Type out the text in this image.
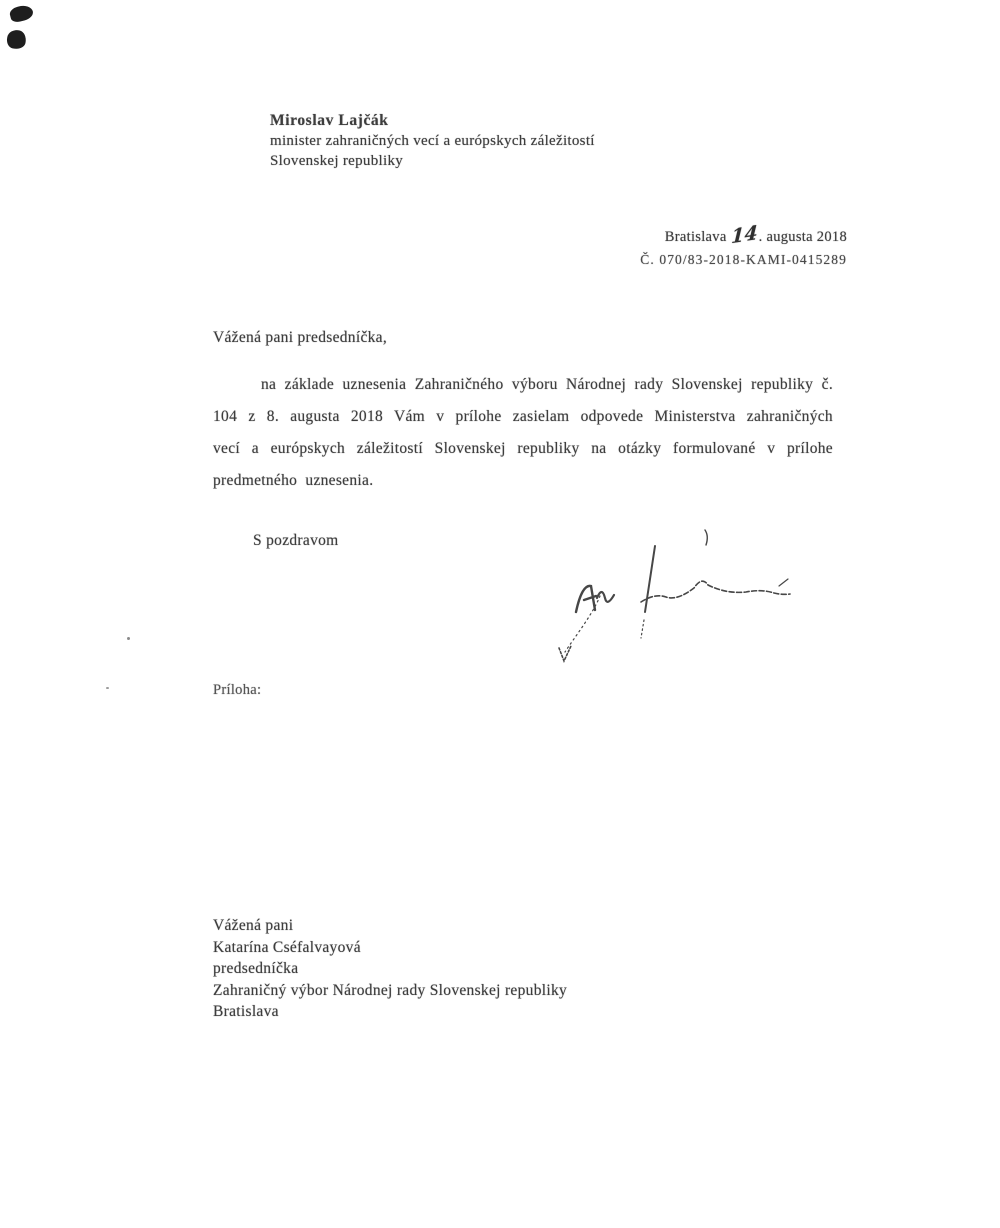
Miroslav Lajčák
minister zahraničných vecí a európskych záležitostí
Slovenskej republiky
Bratislava 14. augusta 2018
Č. 070/83-2018-KAMI-0415289
Vážená pani predsedníčka,
na základe uznesenia Zahraničného výboru Národnej rady Slovenskej republiky č. 104 z 8. augusta 2018 Vám v prílohe zasielam odpovede Ministerstva zahraničných vecí a európskych záležitostí Slovenskej republiky na otázky formulované v prílohe predmetného uznesenia.
S pozdravom
Príloha:
Vážená pani
Katarína Cséfalvayová
predsedníčka
Zahraničný výbor Národnej rady Slovenskej republiky
Bratislava
